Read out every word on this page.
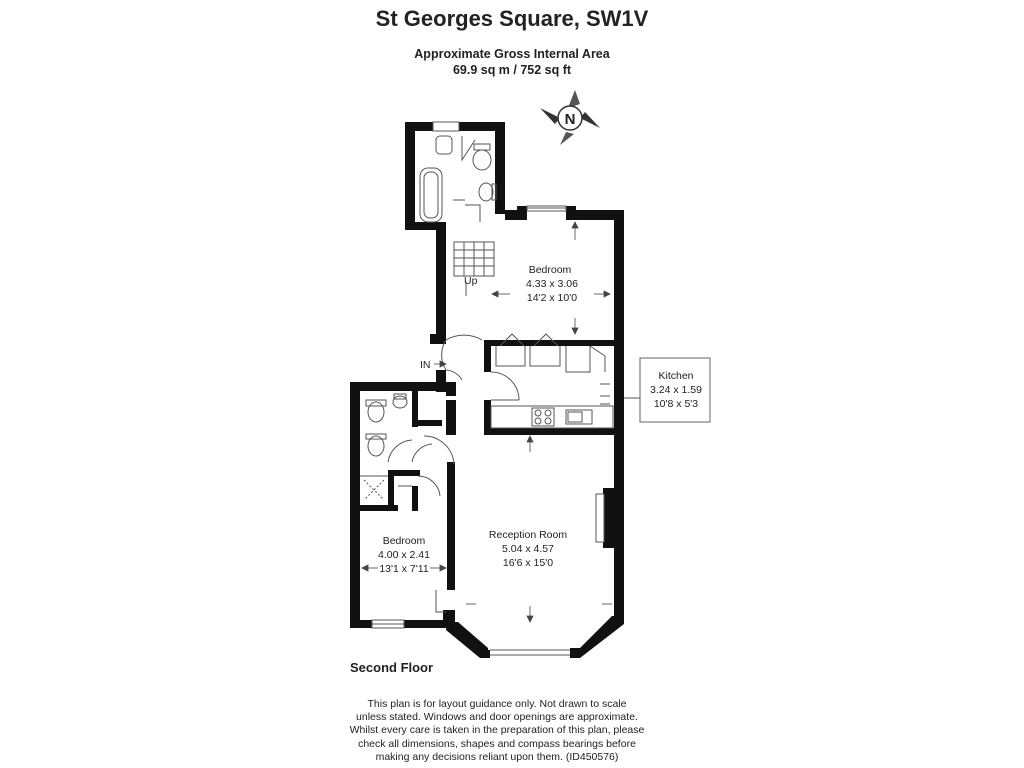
St Georges Square, SW1V
Approximate Gross Internal Area
69.9 sq m / 752 sq ft
N
Bedroom
4.33 x 3.06
14'2 x 10'0
Kitchen
3.24 x 1.59
10'8 x 5'3
Bedroom
4.00 x 2.41
13'1 x 7'11
Reception Room
5.04 x 4.57
16'6 x 15'0
Up
IN
Second Floor
This plan is for layout guidance only. Not drawn to scale
unless stated. Windows and door openings are approximate.
Whilst every care is taken in the preparation of this plan, please
check all dimensions, shapes and compass bearings before
making any decisions reliant upon them. (ID450576)
